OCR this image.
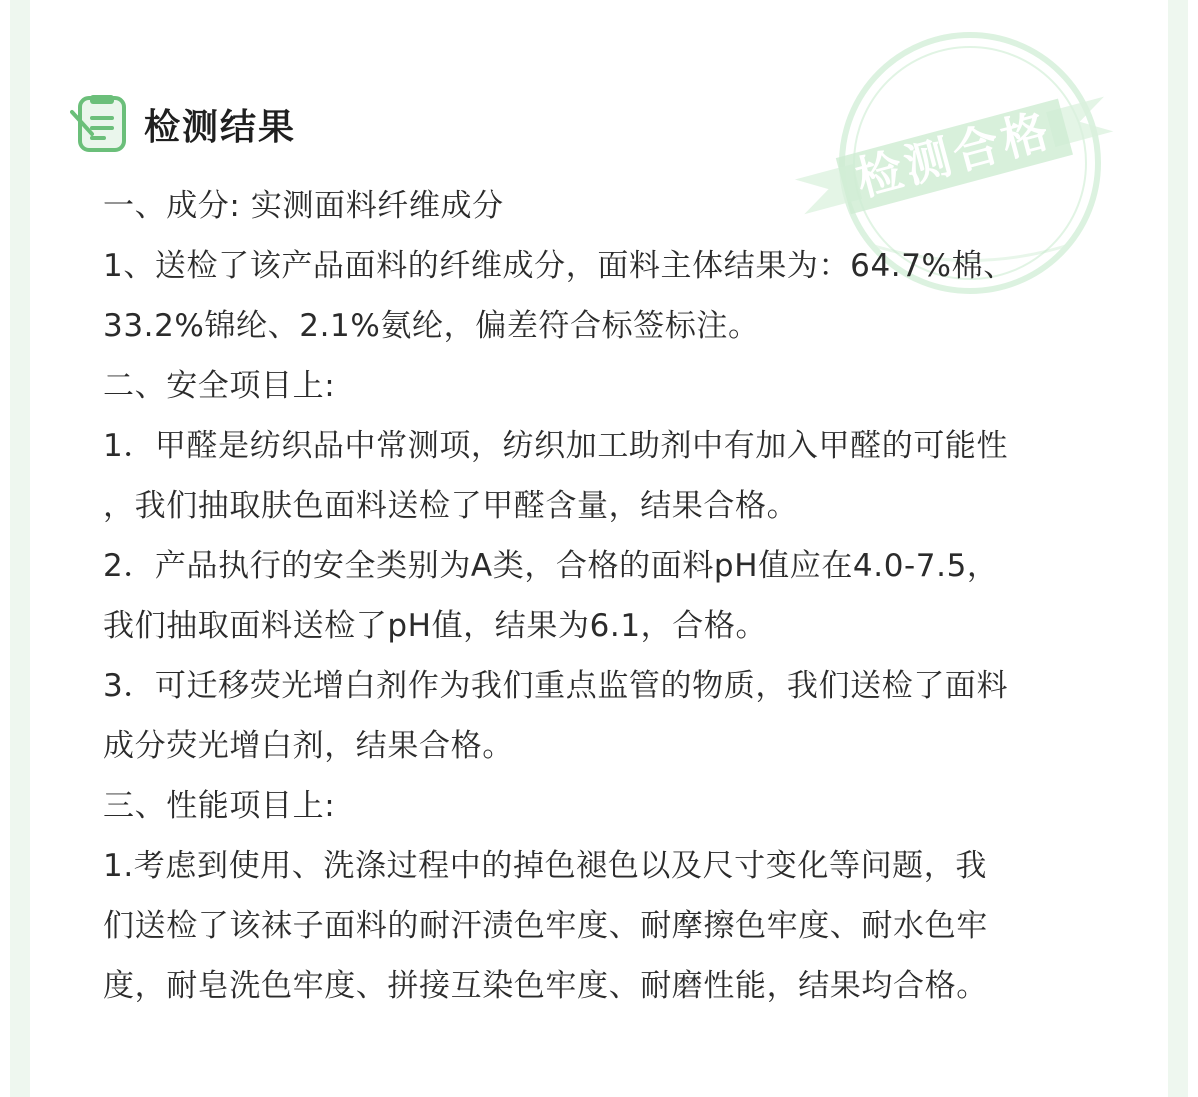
检测合格
检测结果
一、成分: 实测面料纤维成分
1、送检了该产品面料的纤维成分，面料主体结果为：64.7%棉、
33.2%锦纶、2.1%氨纶，偏差符合标签标注。
二、安全项目上:
1．甲醛是纺织品中常测项，纺织加工助剂中有加入甲醛的可能性
，我们抽取肤色面料送检了甲醛含量，结果合格。
2．产品执行的安全类别为A类，合格的面料pH值应在4.0-7.5，
我们抽取面料送检了pH值，结果为6.1，合格。
3．可迁移荧光增白剂作为我们重点监管的物质，我们送检了面料
成分荧光增白剂，结果合格。
三、性能项目上:
1.考虑到使用、洗涤过程中的掉色褪色以及尺寸变化等问题，我
们送检了该袜子面料的耐汗渍色牢度、耐摩擦色牢度、耐水色牢
度，耐皂洗色牢度、拼接互染色牢度、耐磨性能，结果均合格。
